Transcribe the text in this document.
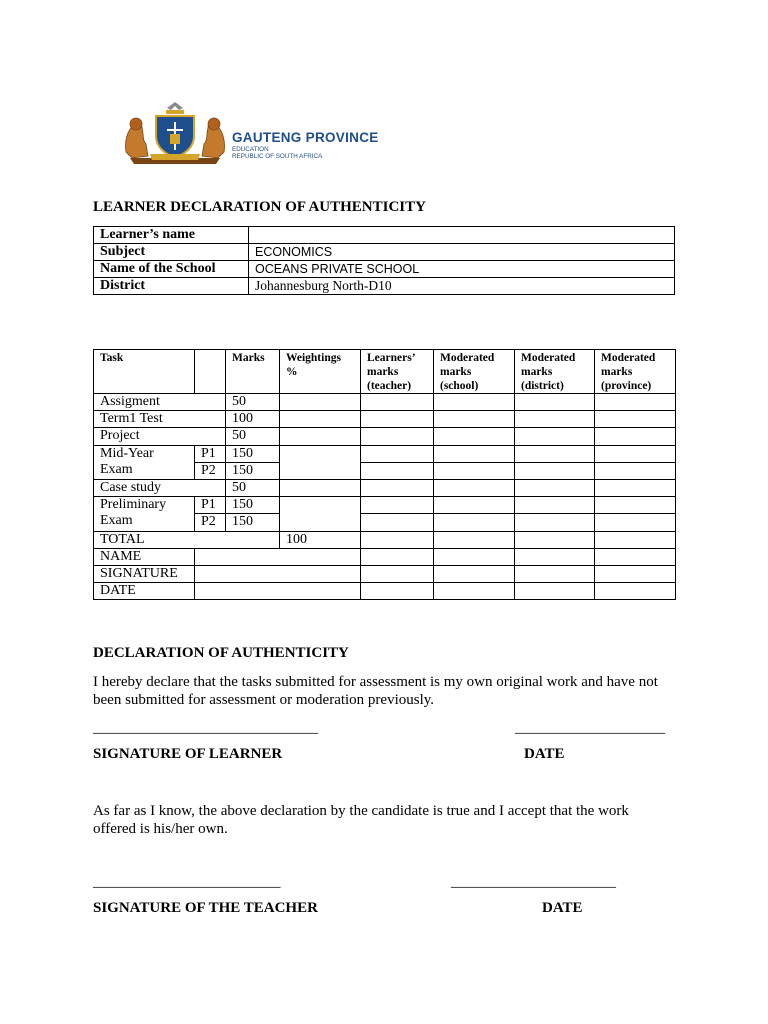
GAUTENG PROVINCE
EDUCATION
REPUBLIC OF SOUTH AFRICA
LEARNER DECLARATION OF AUTHENTICITY
Learner’s name	
Subject	ECONOMICS
Name of the School	OCEANS PRIVATE SCHOOL
District	Johannesburg North-D10
Task		Marks	Weightings %	Learners’ marks (teacher)	Moderated marks (school)	Moderated marks (district)	Moderated marks (province)
Assigment		50					
Term1 Test		100					
Project		50					
Mid-Year Exam	P1	150					
	P2	150					
Case study		50					
Preliminary Exam	P1	150					
	P2	150					
TOTAL			100				
NAME							
SIGNATURE							
DATE							
DECLARATION OF AUTHENTICITY
I hereby declare that the tasks submitted for assessment is my own original work and have not been submitted for assessment or moderation previously.
______________________________	____________________
SIGNATURE OF LEARNER	DATE
As far as I know, the above declaration by the candidate is true and I accept that the work offered is his/her own.
_________________________	______________________
SIGNATURE OF THE TEACHER	DATE
